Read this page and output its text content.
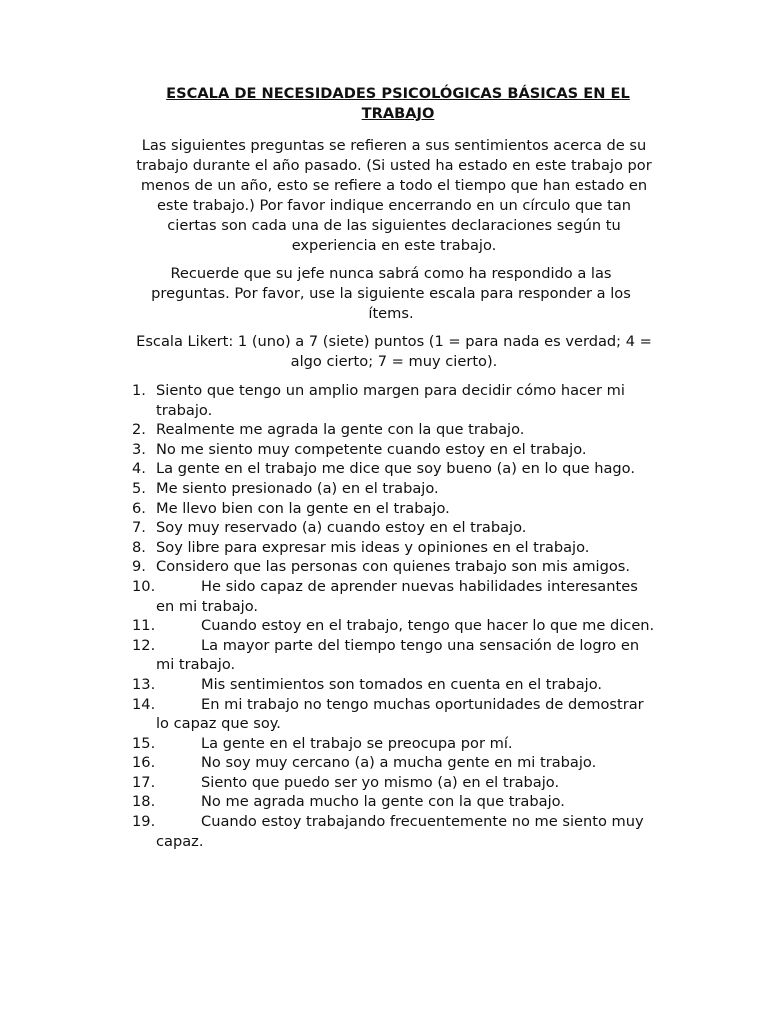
ESCALA DE NECESIDADES PSICOLÓGICAS BÁSICAS EN EL TRABAJO

Las siguientes preguntas se refieren a sus sentimientos acerca de su trabajo durante el año pasado. (Si usted ha estado en este trabajo por menos de un año, esto se refiere a todo el tiempo que han estado en este trabajo.) Por favor indique encerrando en un círculo que tan ciertas son cada una de las siguientes declaraciones según tu experiencia en este trabajo.

Recuerde que su jefe nunca sabrá como ha respondido a las preguntas. Por favor, use la siguiente escala para responder a los ítems.

Escala Likert: 1 (uno) a 7 (siete) puntos (1 = para nada es verdad; 4 = algo cierto; 7 = muy cierto).

1. Siento que tengo un amplio margen para decidir cómo hacer mi trabajo.
2. Realmente me agrada la gente con la que trabajo.
3. No me siento muy competente cuando estoy en el trabajo.
4. La gente en el trabajo me dice que soy bueno (a) en lo que hago.
5. Me siento presionado (a) en el trabajo.
6. Me llevo bien con la gente en el trabajo.
7. Soy muy reservado (a) cuando estoy en el trabajo.
8. Soy libre para expresar mis ideas y opiniones en el trabajo.
9. Considero que las personas con quienes trabajo son mis amigos.
10.	He sido capaz de aprender nuevas habilidades interesantes en mi trabajo.
11.	Cuando estoy en el trabajo, tengo que hacer lo que me dicen.
12.	La mayor parte del tiempo tengo una sensación de logro en mi trabajo.
13.	Mis sentimientos son tomados en cuenta en el trabajo.
14.	En mi trabajo no tengo muchas oportunidades de demostrar lo capaz que soy.
15.	La gente en el trabajo se preocupa por mí.
16.	No soy muy cercano (a) a mucha gente en mi trabajo.
17.	Siento que puedo ser yo mismo (a) en el trabajo.
18.	No me agrada mucho la gente con la que trabajo.
19.	Cuando estoy trabajando frecuentemente no me siento muy capaz.
